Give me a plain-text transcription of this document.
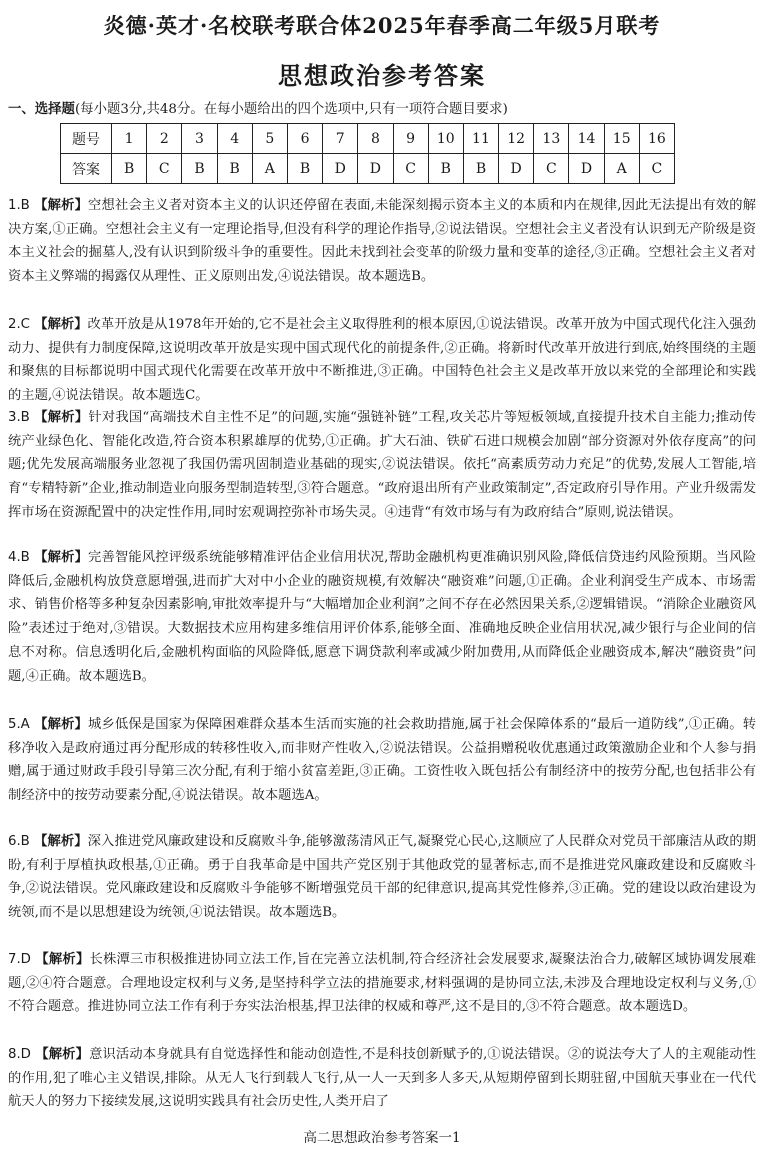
炎德·英才·名校联考联合体2025年春季高二年级5月联考
思想政治参考答案
一、选择题(每小题3分,共48分。在每小题给出的四个选项中,只有一项符合题目要求)
题号	1	2	3	4	5	6	7	8	9	10	11	12	13	14	15	16
答案	B	C	B	B	A	B	D	D	C	B	B	D	C	D	A	C
1.B 【解析】空想社会主义者对资本主义的认识还停留在表面,未能深刻揭示资本主义的本质和内在规律,因此无法提出有效的解决方案,①正确。空想社会主义有一定理论指导,但没有科学的理论作指导,②说法错误。空想社会主义者没有认识到无产阶级是资本主义社会的掘墓人,没有认识到阶级斗争的重要性。因此未找到社会变革的阶级力量和变革的途径,③正确。空想社会主义者对资本主义弊端的揭露仅从理性、正义原则出发,④说法错误。故本题选B。
2.C 【解析】改革开放是从1978年开始的,它不是社会主义取得胜利的根本原因,①说法错误。改革开放为中国式现代化注入强劲动力、提供有力制度保障,这说明改革开放是实现中国式现代化的前提条件,②正确。将新时代改革开放进行到底,始终围绕的主题和聚焦的目标都说明中国式现代化需要在改革开放中不断推进,③正确。中国特色社会主义是改革开放以来党的全部理论和实践的主题,④说法错误。故本题选C。
3.B 【解析】针对我国“高端技术自主性不足”的问题,实施“强链补链”工程,攻关芯片等短板领域,直接提升技术自主能力;推动传统产业绿色化、智能化改造,符合资本积累雄厚的优势,①正确。扩大石油、铁矿石进口规模会加剧“部分资源对外依存度高”的问题;优先发展高端服务业忽视了我国仍需巩固制造业基础的现实,②说法错误。依托“高素质劳动力充足”的优势,发展人工智能,培育“专精特新”企业,推动制造业向服务型制造转型,③符合题意。“政府退出所有产业政策制定”,否定政府引导作用。产业升级需发挥市场在资源配置中的决定性作用,同时宏观调控弥补市场失灵。④违背“有效市场与有为政府结合”原则,说法错误。
4.B 【解析】完善智能风控评级系统能够精准评估企业信用状况,帮助金融机构更准确识别风险,降低信贷违约风险预期。当风险降低后,金融机构放贷意愿增强,进而扩大对中小企业的融资规模,有效解决“融资难”问题,①正确。企业利润受生产成本、市场需求、销售价格等多种复杂因素影响,审批效率提升与“大幅增加企业利润”之间不存在必然因果关系,②逻辑错误。“消除企业融资风险”表述过于绝对,③错误。大数据技术应用构建多维信用评价体系,能够全面、准确地反映企业信用状况,减少银行与企业间的信息不对称。信息透明化后,金融机构面临的风险降低,愿意下调贷款利率或减少附加费用,从而降低企业融资成本,解决“融资贵”问题,④正确。故本题选B。
5.A 【解析】城乡低保是国家为保障困难群众基本生活而实施的社会救助措施,属于社会保障体系的“最后一道防线”,①正确。转移净收入是政府通过再分配形成的转移性收入,而非财产性收入,②说法错误。公益捐赠税收优惠通过政策激励企业和个人参与捐赠,属于通过财政手段引导第三次分配,有利于缩小贫富差距,③正确。工资性收入既包括公有制经济中的按劳分配,也包括非公有制经济中的按劳动要素分配,④说法错误。故本题选A。
6.B 【解析】深入推进党风廉政建设和反腐败斗争,能够激荡清风正气,凝聚党心民心,这顺应了人民群众对党员干部廉洁从政的期盼,有利于厚植执政根基,①正确。勇于自我革命是中国共产党区别于其他政党的显著标志,而不是推进党风廉政建设和反腐败斗争,②说法错误。党风廉政建设和反腐败斗争能够不断增强党员干部的纪律意识,提高其党性修养,③正确。党的建设以政治建设为统领,而不是以思想建设为统领,④说法错误。故本题选B。
7.D 【解析】长株潭三市积极推进协同立法工作,旨在完善立法机制,符合经济社会发展要求,凝聚法治合力,破解区域协调发展难题,②④符合题意。合理地设定权利与义务,是坚持科学立法的措施要求,材料强调的是协同立法,未涉及合理地设定权利与义务,①不符合题意。推进协同立法工作有利于夯实法治根基,捍卫法律的权威和尊严,这不是目的,③不符合题意。故本题选D。
8.D 【解析】意识活动本身就具有自觉选择性和能动创造性,不是科技创新赋予的,①说法错误。②的说法夸大了人的主观能动性的作用,犯了唯心主义错误,排除。从无人飞行到载人飞行,从一人一天到多人多天,从短期停留到长期驻留,中国航天事业在一代代航天人的努力下接续发展,这说明实践具有社会历史性,人类开启了
高二思想政治参考答案一1
